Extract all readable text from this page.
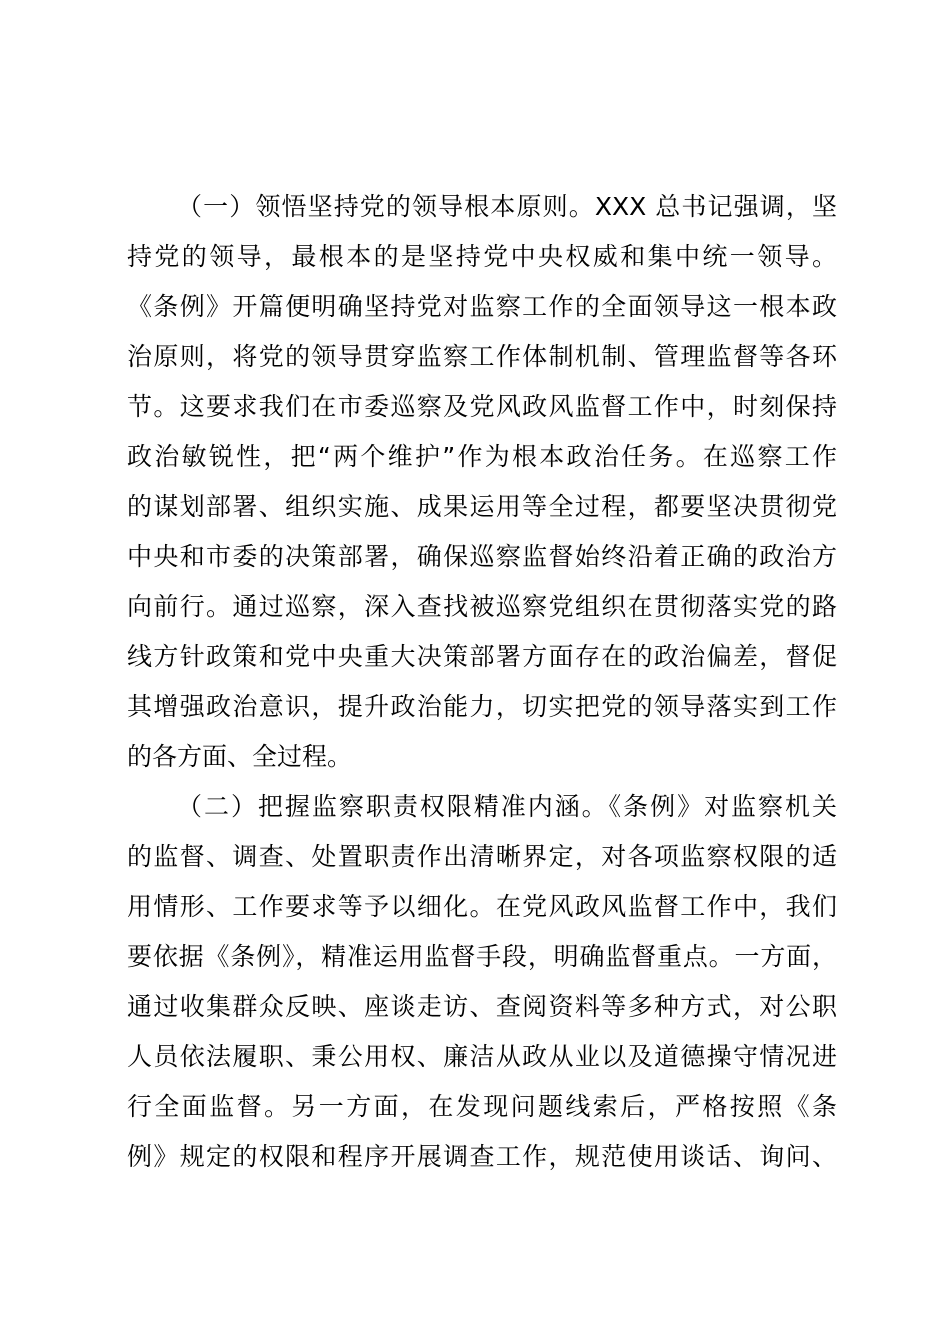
（一）领悟坚持党的领导根本原则。XXX 总书记强调，坚
持党的领导，最根本的是坚持党中央权威和集中统一领导。
《条例》开篇便明确坚持党对监察工作的全面领导这一根本政
治原则，将党的领导贯穿监察工作体制机制、管理监督等各环
节。这要求我们在市委巡察及党风政风监督工作中，时刻保持
政治敏锐性，把“两个维护”作为根本政治任务。在巡察工作
的谋划部署、组织实施、成果运用等全过程，都要坚决贯彻党
中央和市委的决策部署，确保巡察监督始终沿着正确的政治方
向前行。通过巡察，深入查找被巡察党组织在贯彻落实党的路
线方针政策和党中央重大决策部署方面存在的政治偏差，督促
其增强政治意识，提升政治能力，切实把党的领导落实到工作
的各方面、全过程。
（二）把握监察职责权限精准内涵。《条例》对监察机关
的监督、调查、处置职责作出清晰界定，对各项监察权限的适
用情形、工作要求等予以细化。在党风政风监督工作中，我们
要依据《条例》，精准运用监督手段，明确监督重点。一方面，
通过收集群众反映、座谈走访、查阅资料等多种方式，对公职
人员依法履职、秉公用权、廉洁从政从业以及道德操守情况进
行全面监督。另一方面，在发现问题线索后，严格按照《条
例》规定的权限和程序开展调查工作，规范使用谈话、询问、
